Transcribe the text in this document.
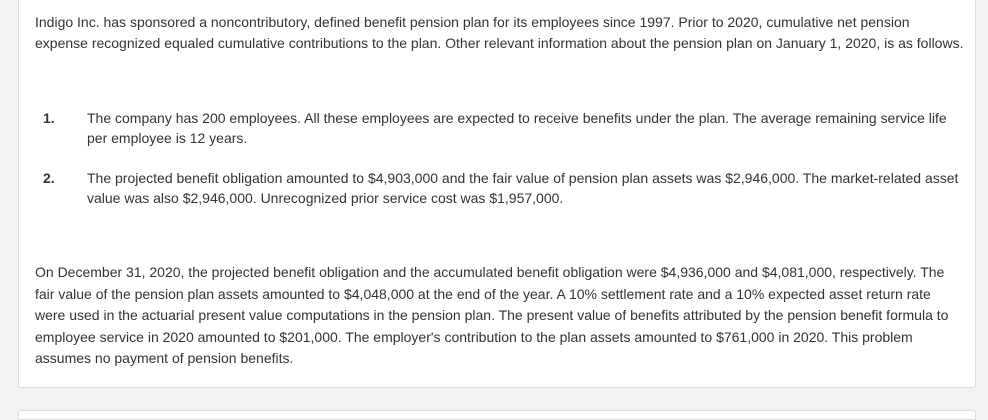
Indigo Inc. has sponsored a noncontributory, defined benefit pension plan for its employees since 1997. Prior to 2020, cumulative net pension expense recognized equaled cumulative contributions to the plan. Other relevant information about the pension plan on January 1, 2020, is as follows.

1. The company has 200 employees. All these employees are expected to receive benefits under the plan. The average remaining service life per employee is 12 years.
2. The projected benefit obligation amounted to $4,903,000 and the fair value of pension plan assets was $2,946,000. The market-related asset value was also $2,946,000. Unrecognized prior service cost was $1,957,000.

On December 31, 2020, the projected benefit obligation and the accumulated benefit obligation were $4,936,000 and $4,081,000, respectively. The fair value of the pension plan assets amounted to $4,048,000 at the end of the year. A 10% settlement rate and a 10% expected asset return rate were used in the actuarial present value computations in the pension plan. The present value of benefits attributed by the pension benefit formula to employee service in 2020 amounted to $201,000. The employer's contribution to the plan assets amounted to $761,000 in 2020. This problem assumes no payment of pension benefits.
